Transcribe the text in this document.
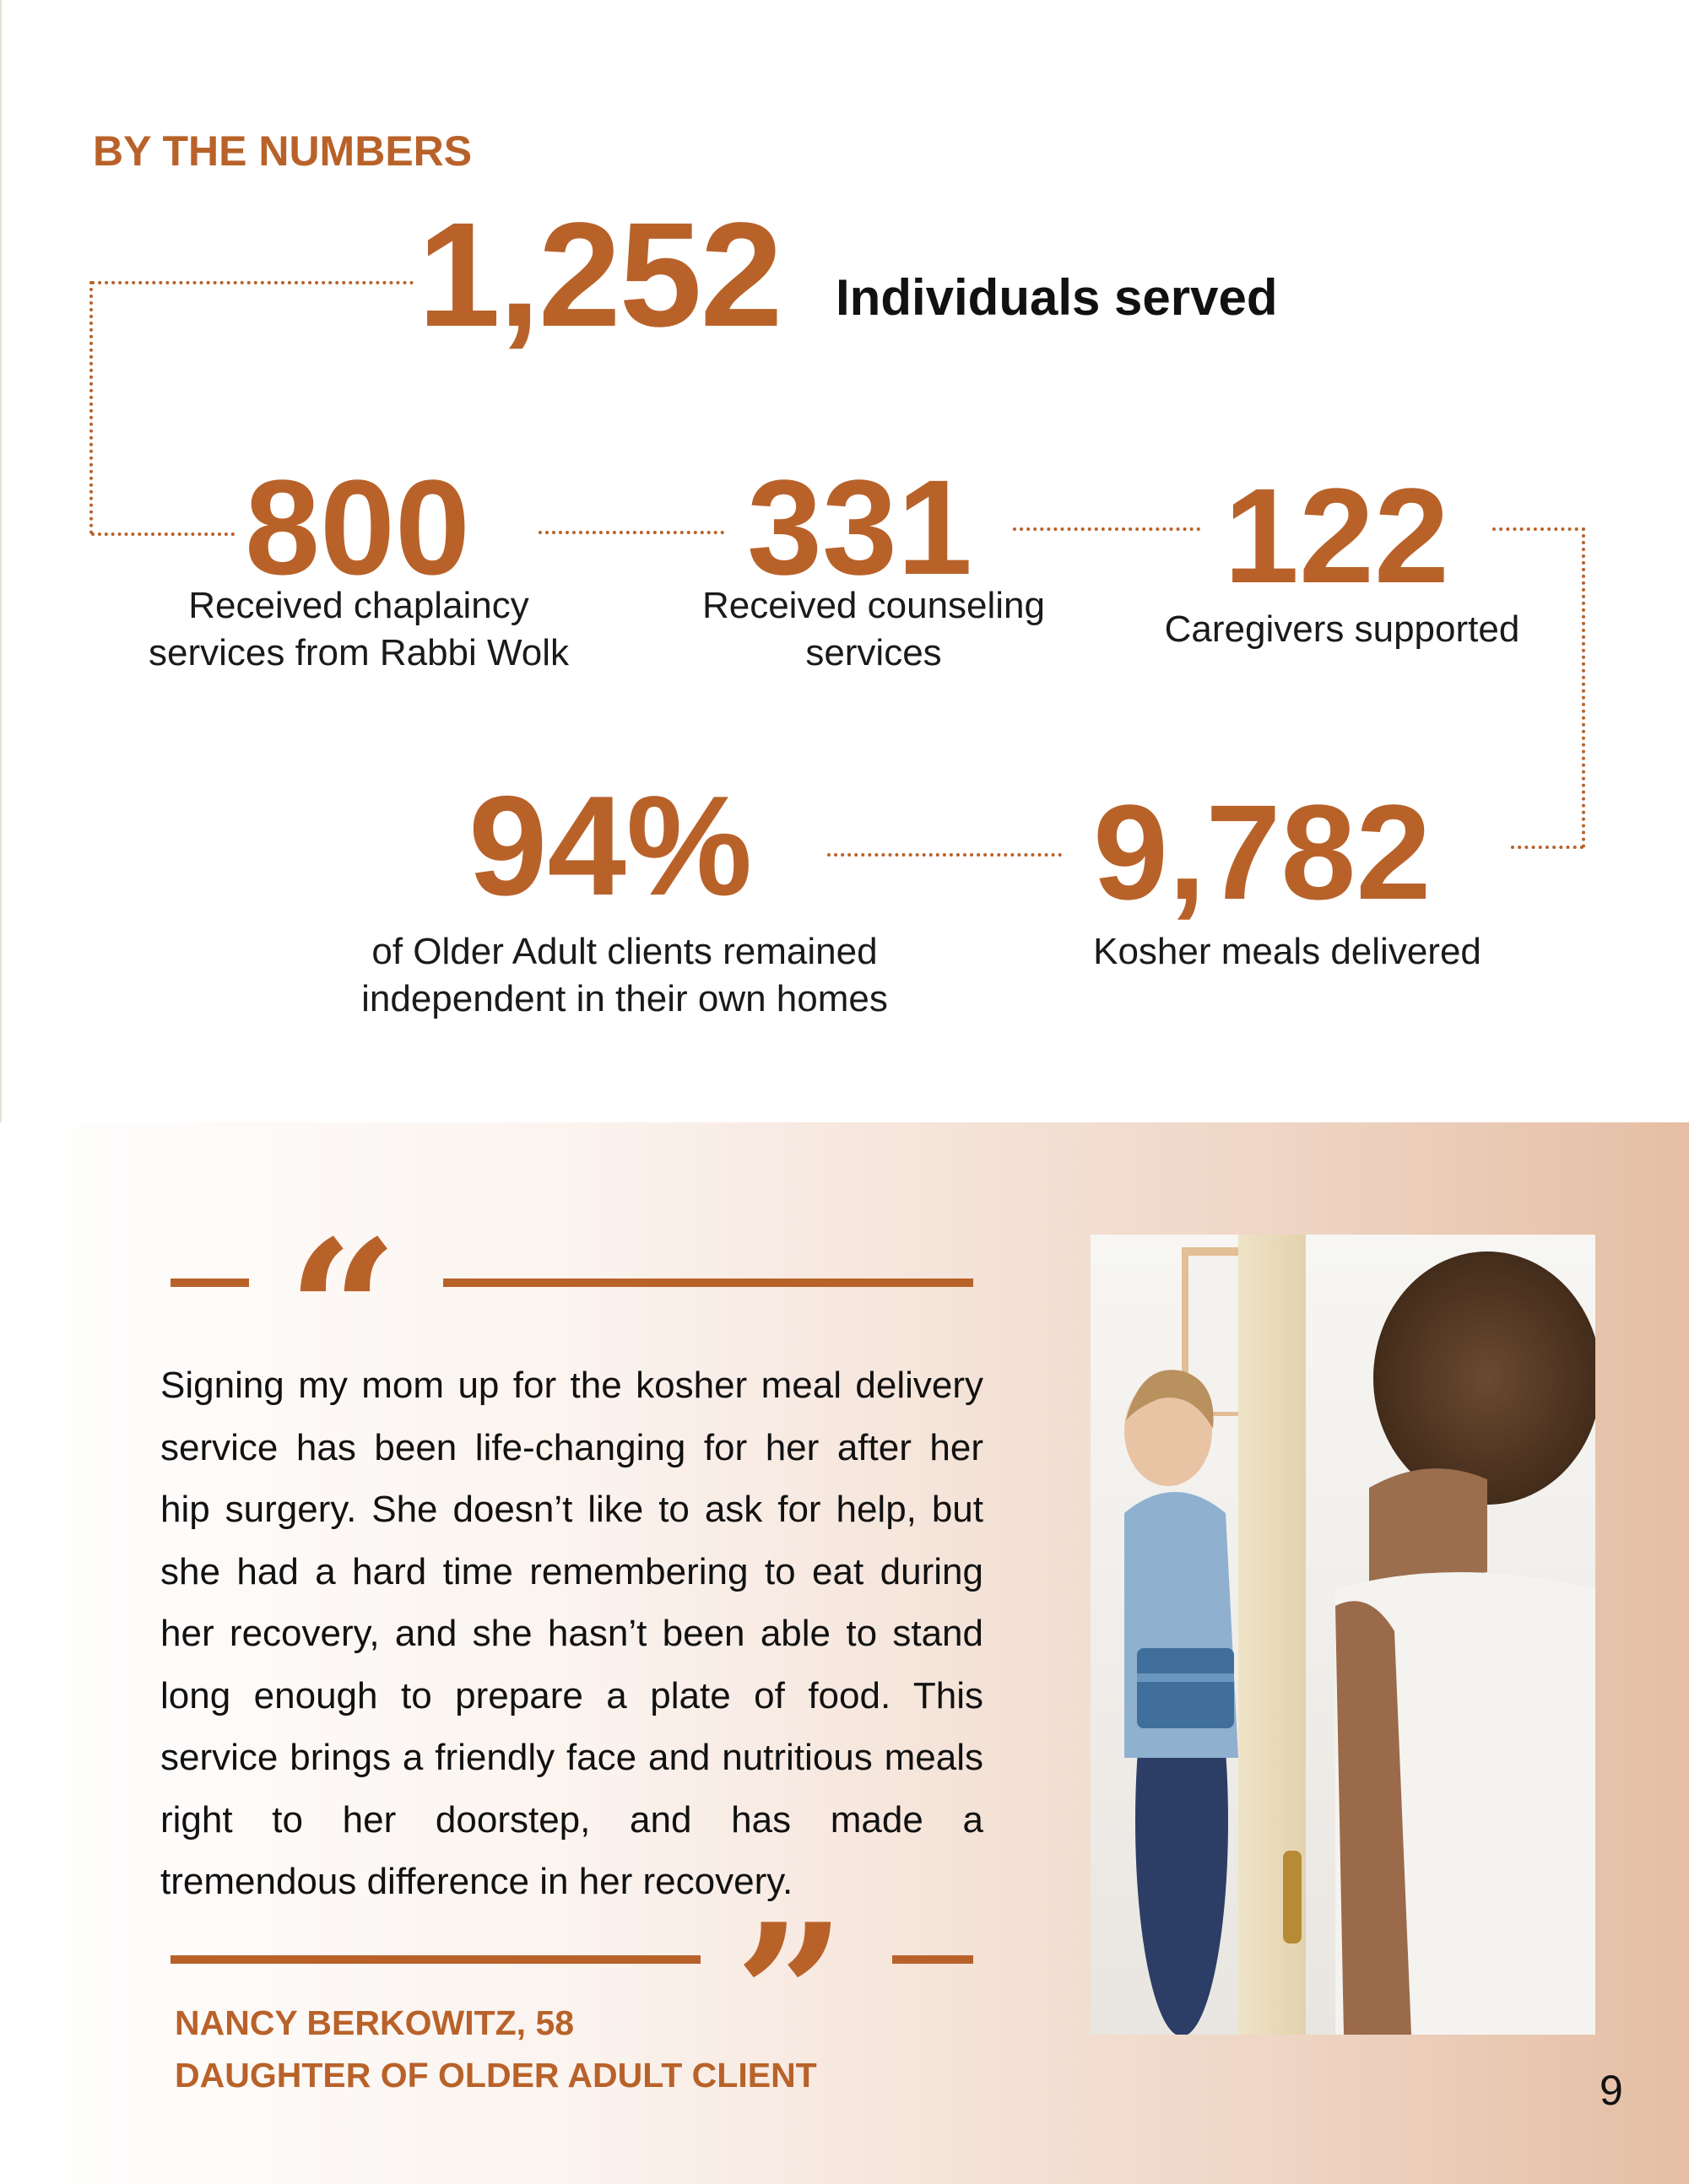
BY THE NUMBERS
1,252 Individuals served
800
Received chaplaincy
services from Rabbi Wolk
331
Received counseling
services
122
Caregivers supported
94%
of Older Adult clients remained
independent in their own homes
9,782
Kosher meals delivered
“
Signing my mom up for the kosher meal delivery service has been life-changing for her after her hip surgery. She doesn’t like to ask for help, but she had a hard time remembering to eat during her recovery, and she hasn’t been able to stand long enough to prepare a plate of food. This service brings a friendly face and nutritious meals right to her doorstep, and has made a tremendous difference in her recovery.
”
NANCY BERKOWITZ, 58
DAUGHTER OF OLDER ADULT CLIENT	9
